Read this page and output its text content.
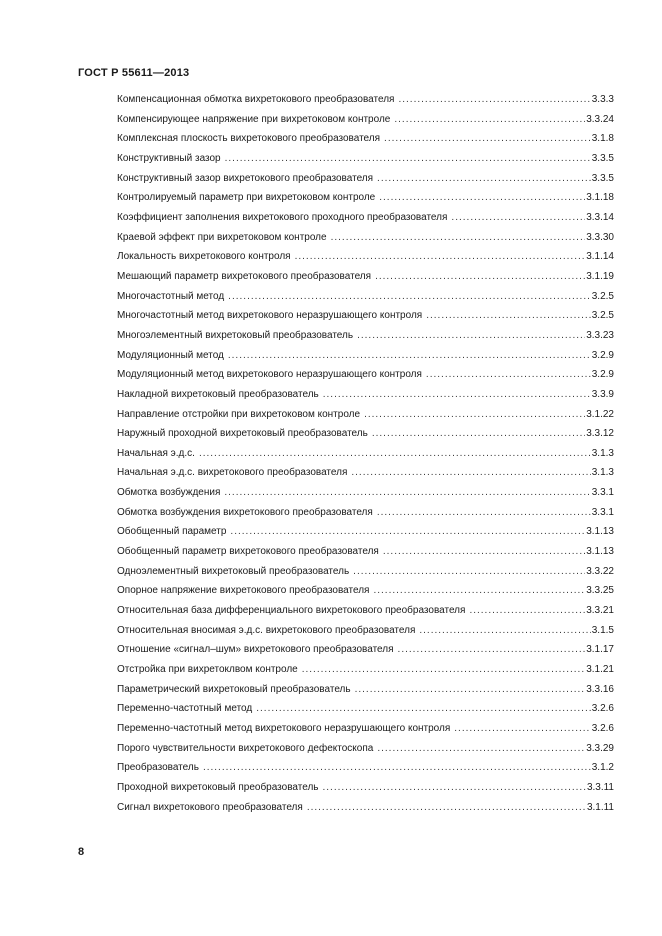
ГОСТ Р 55611—2013
Компенсационная обмотка вихретокового преобразователя .....	3.3.3
Компенсирующее напряжение при вихретоковом контроле .....	3.3.24
Комплексная плоскость вихретокового преобразователя .....	3.1.8
Конструктивный зазор .....	3.3.5
Конструктивный зазор вихретокового преобразователя .....	3.3.5
Контролируемый параметр при вихретоковом контроле .....	3.1.18
Коэффициент заполнения вихретокового проходного преобразователя .....	3.3.14
Краевой эффект при вихретоковом контроле .....	3.3.30
Локальность вихретокового контроля .....	3.1.14
Мешающий параметр вихретокового преобразователя .....	3.1.19
Многочастотный метод .....	3.2.5
Многочастотный метод вихретокового неразрушающего контроля .....	3.2.5
Многоэлементный вихретоковый преобразователь .....	3.3.23
Модуляционный метод .....	3.2.9
Модуляционный метод вихретокового неразрушающего контроля .....	3.2.9
Накладной вихретоковый преобразователь .....	3.3.9
Направление отстройки при вихретоковом контроле .....	3.1.22
Наружный проходной вихретоковый преобразователь .....	3.3.12
Начальная э.д.с. .....	3.1.3
Начальная э.д.с. вихретокового преобразователя .....	3.1.3
Обмотка возбуждения .....	3.3.1
Обмотка возбуждения вихретокового преобразователя .....	3.3.1
Обобщенный параметр .....	3.1.13
Обобщенный параметр вихретокового преобразователя .....	3.1.13
Одноэлементный вихретоковый преобразователь .....	3.3.22
Опорное напряжение вихретокового преобразователя .....	3.3.25
Относительная база дифференциального вихретокового преобразователя .....	3.3.21
Относительная вносимая э.д.с. вихретокового преобразователя .....	3.1.5
Отношение «сигнал–шум» вихретокового преобразователя .....	3.1.17
Отстройка при вихретоклвом контроле .....	3.1.21
Параметрический вихретоковый преобразователь .....	3.3.16
Переменно-частотный метод .....	3.2.6
Переменно-частотный метод вихретокового неразрушающего контроля .....	3.2.6
Порого чувствительности вихретокового дефектоскопа .....	3.3.29
Преобразователь .....	3.1.2
Проходной вихретоковый преобразователь .....	3.3.11
Сигнал вихретокового преобразователя .....	3.1.11
8
